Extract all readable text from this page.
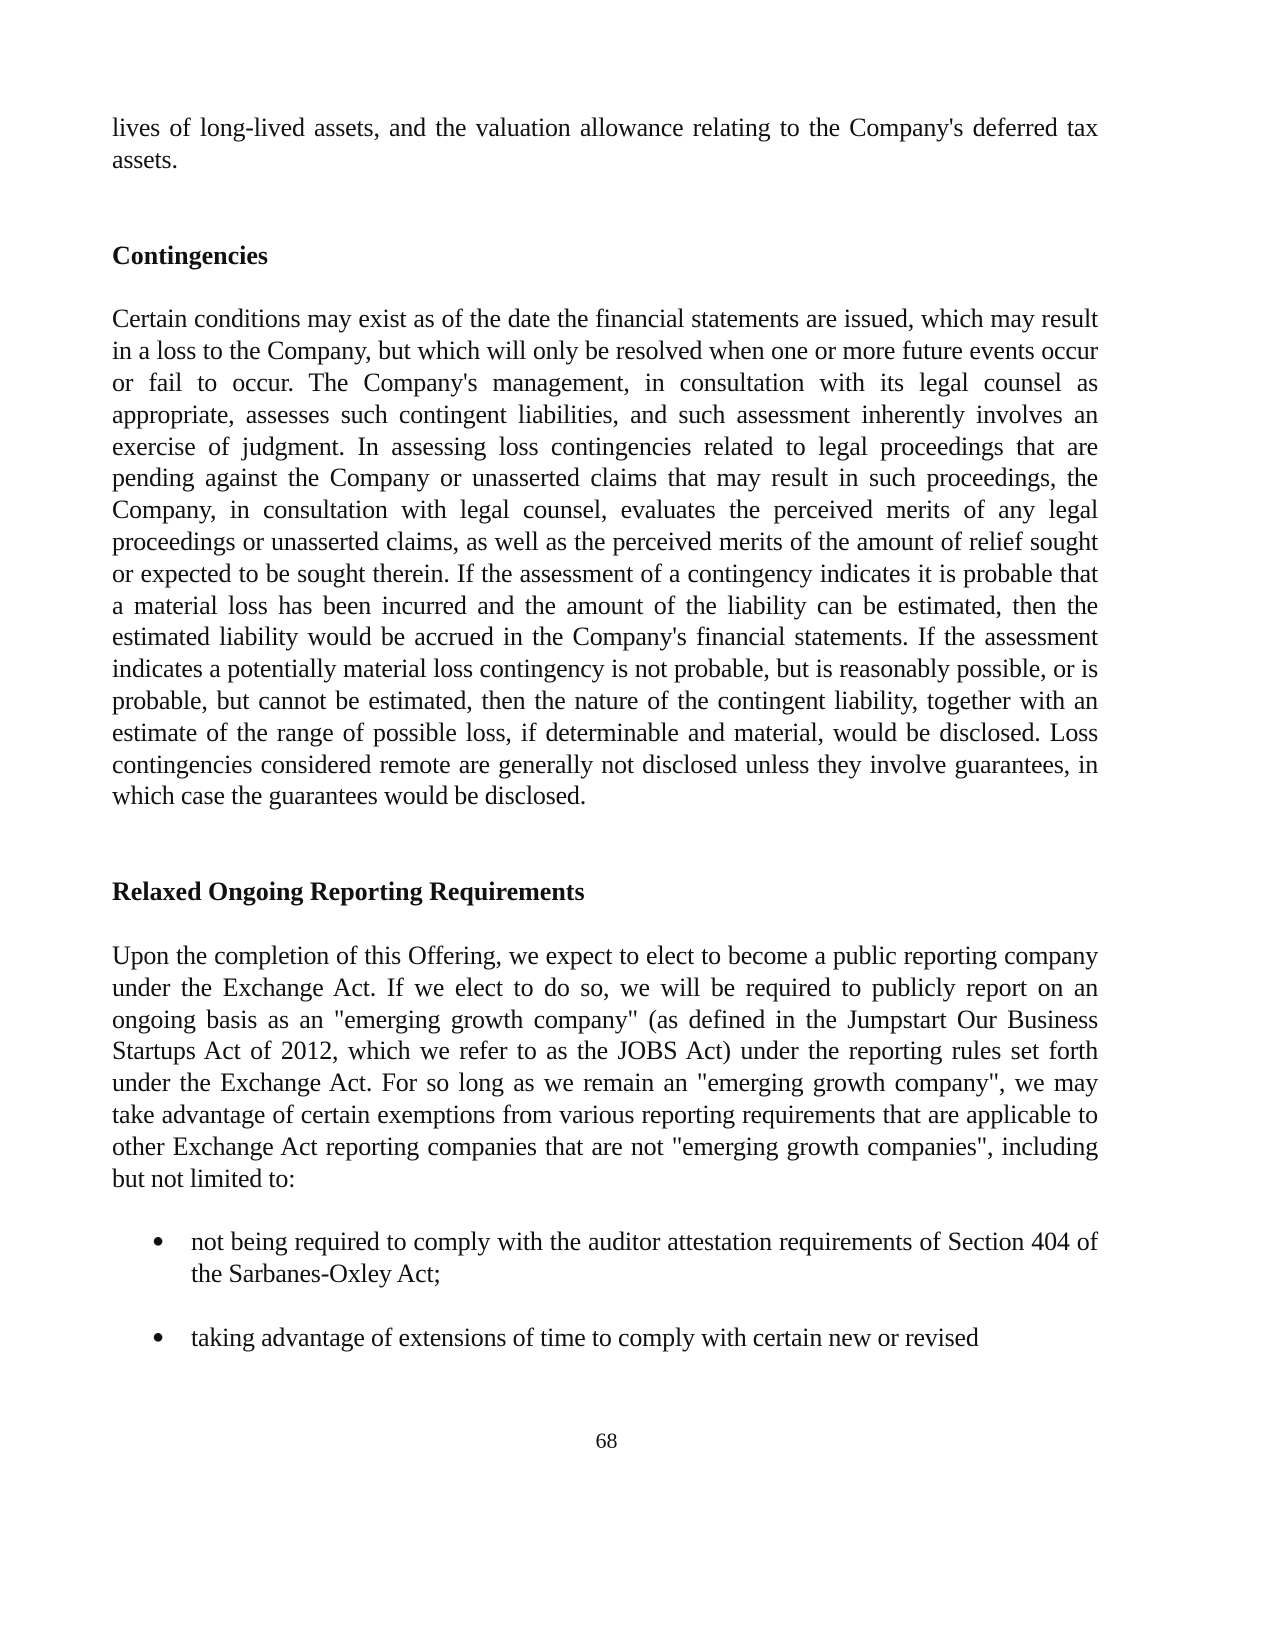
lives of long-lived assets, and the valuation allowance relating to the Company's deferred tax assets.

Contingencies

Certain conditions may exist as of the date the financial statements are issued, which may result in a loss to the Company, but which will only be resolved when one or more future events occur or fail to occur. The Company's management, in consultation with its legal counsel as appropriate, assesses such contingent liabilities, and such assessment inherently involves an exercise of judgment. In assessing loss contingencies related to legal proceedings that are pending against the Company or unasserted claims that may result in such proceedings, the Company, in consultation with legal counsel, evaluates the perceived merits of any legal proceedings or unasserted claims, as well as the perceived merits of the amount of relief sought or expected to be sought therein. If the assessment of a contingency indicates it is probable that a material loss has been incurred and the amount of the liability can be estimated, then the estimated liability would be accrued in the Company's financial statements. If the assessment indicates a potentially material loss contingency is not probable, but is reasonably possible, or is probable, but cannot be estimated, then the nature of the contingent liability, together with an estimate of the range of possible loss, if determinable and material, would be disclosed. Loss contingencies considered remote are generally not disclosed unless they involve guarantees, in which case the guarantees would be disclosed.

Relaxed Ongoing Reporting Requirements

Upon the completion of this Offering, we expect to elect to become a public reporting company under the Exchange Act. If we elect to do so, we will be required to publicly report on an ongoing basis as an "emerging growth company" (as defined in the Jumpstart Our Business Startups Act of 2012, which we refer to as the JOBS Act) under the reporting rules set forth under the Exchange Act. For so long as we remain an "emerging growth company", we may take advantage of certain exemptions from various reporting requirements that are applicable to other Exchange Act reporting companies that are not "emerging growth companies", including but not limited to:

● not being required to comply with the auditor attestation requirements of Section 404 of the Sarbanes-Oxley Act;
● taking advantage of extensions of time to comply with certain new or revised
68
